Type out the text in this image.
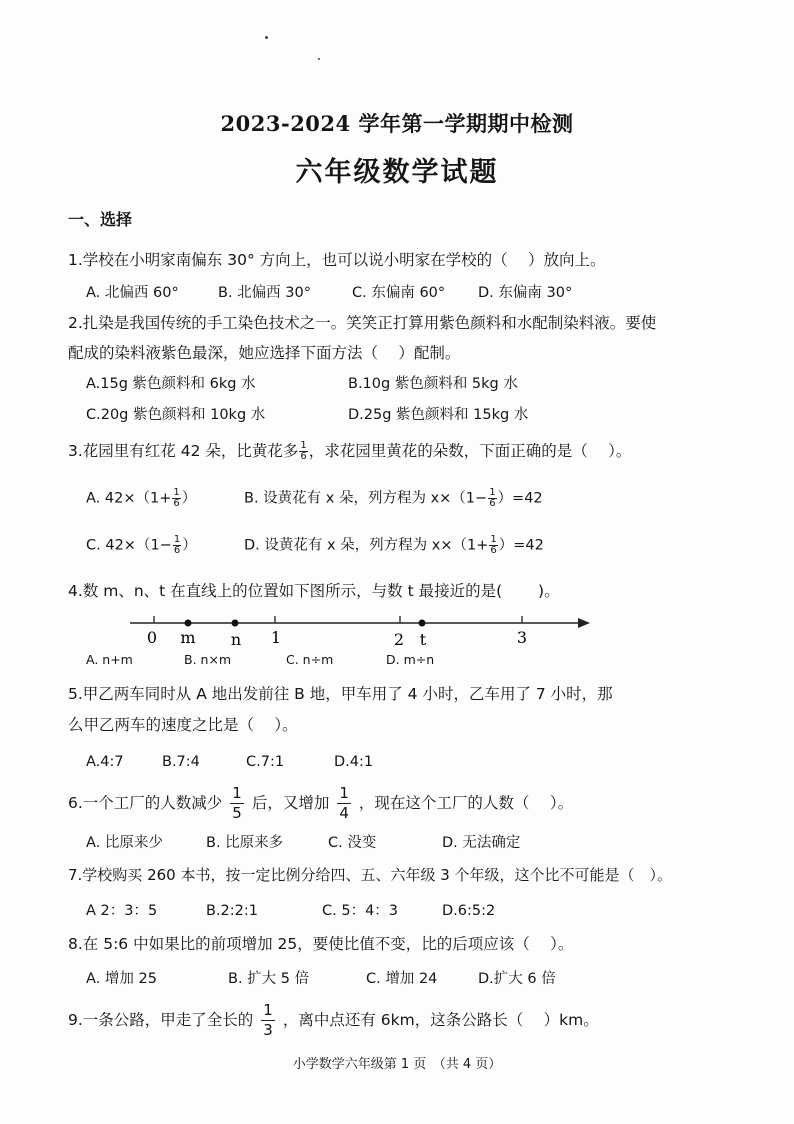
2023-2024 学年第一学期期中检测
六年级数学试题
一、选择
1.学校在小明家南偏东 30° 方向上，也可以说小明家在学校的（　 ）放向上。
A. 北偏西 60°	B. 北偏西 30°	C. 东偏南 60° D. 东偏南 30°
2.扎染是我国传统的手工染色技术之一。笑笑正打算用紫色颜料和水配制染料液。要使
配成的染料液紫色最深，她应选择下面方法（　 ）配制。
A.15g 紫色颜料和 6kg 水	B.10g 紫色颜料和 5kg 水
C.20g 紫色颜料和 10kg 水	D.25g 紫色颜料和 15kg 水
3.花园里有红花 42 朵，比黄花多 $\frac{1}{6}$ ，求花园里黄花的朵数，下面正确的是（　 ）。
A. $42\times(1+ \frac{1}{6}$ ）	B. 设黄花有 x 朵，列方程为 $x\times(1- \frac{1}{6} )=42$
C. $42\times(1- \frac{1}{6}$ ）	D. 设黄花有 x 朵，列方程为 $x\times(1+ \frac{1}{6} )=42$
4.数 m、n、t 在直线上的位置如下图所示，与数 t 最接近的是(　　 )。
0 m n 1	2 t	3
A. n+m	B. n×m	C. n÷m	D. m÷n
5.甲乙两车同时从 A 地出发前往 B 地，甲车用了 4 小时，乙车用了 7 小时，那
么甲乙两车的速度之比是（　 ）。
A.4:7	B.7:4	C.7:1	D.4:1
6.一个工厂的人数减少 $\frac{1}{5}$ 后，又增加 $\frac{1}{4}$ ，现在这个工厂的人数（　 ）。
A. 比原来少	B. 比原来多	C. 没变	D. 无法确定
7.学校购买 260 本书，按一定比例分给四、五、六年级 3 个年级，这个比不可能是（　）。
A 2：3：5	B.2:2:1	C. 5：4：3	D.6:5:2
8.在 5:6 中如果比的前项增加 25，要使比值不变，比的后项应该（　 ）。
A. 增加 25	B. 扩大 5 倍	C. 增加 24	D.扩大 6 倍
9.一条公路，甲走了全长的 $\frac{1}{3}$ ，离中点还有 6km，这条公路长（　 ）km。
小学数学六年级第 1 页　（共 4 页）
